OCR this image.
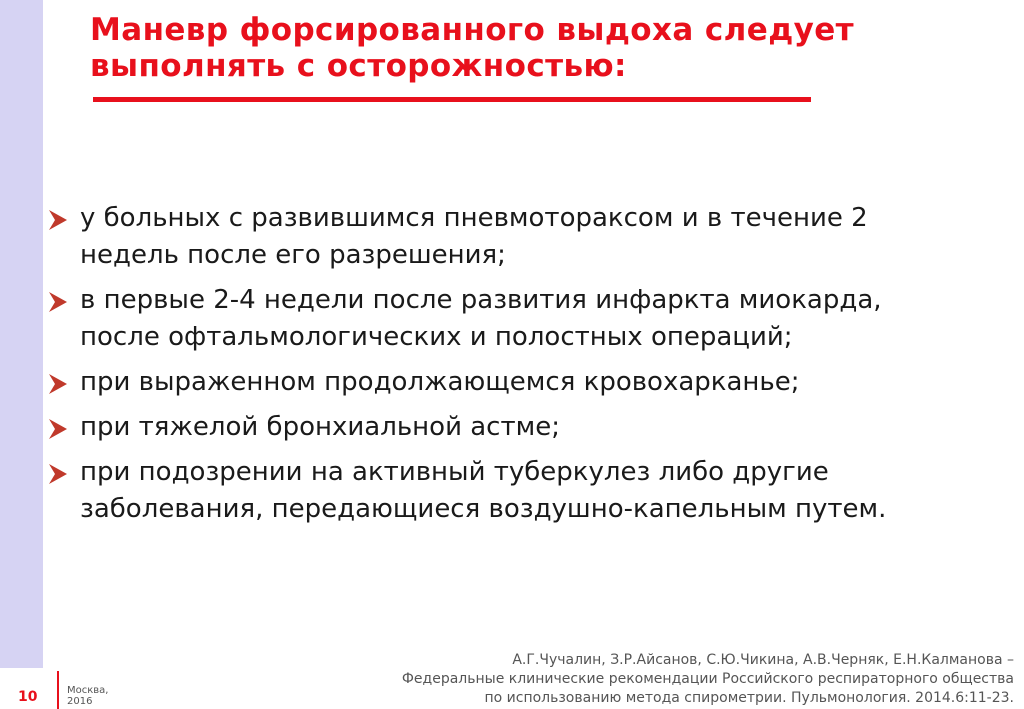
Маневр форсированного выдоха следует
выполнять с осторожностью:
у больных с развившимся пневмотораксом и в течение 2
недель после его разрешения;
в первые 2-4 недели после развития инфаркта миокарда,
после офтальмологических и полостных операций;
при выраженном продолжающемся кровохарканье;
при тяжелой бронхиальной астме;
при подозрении на активный туберкулез либо другие
заболевания, передающиеся воздушно-капельным путем.
10	Москва,
2016
А.Г.Чучалин, З.Р.Айсанов, С.Ю.Чикина, А.В.Черняк, Е.Н.Калманова –
Федеральные клинические рекомендации Российского респираторного общества
по использованию метода спирометрии. Пульмонология. 2014.6:11-23.
